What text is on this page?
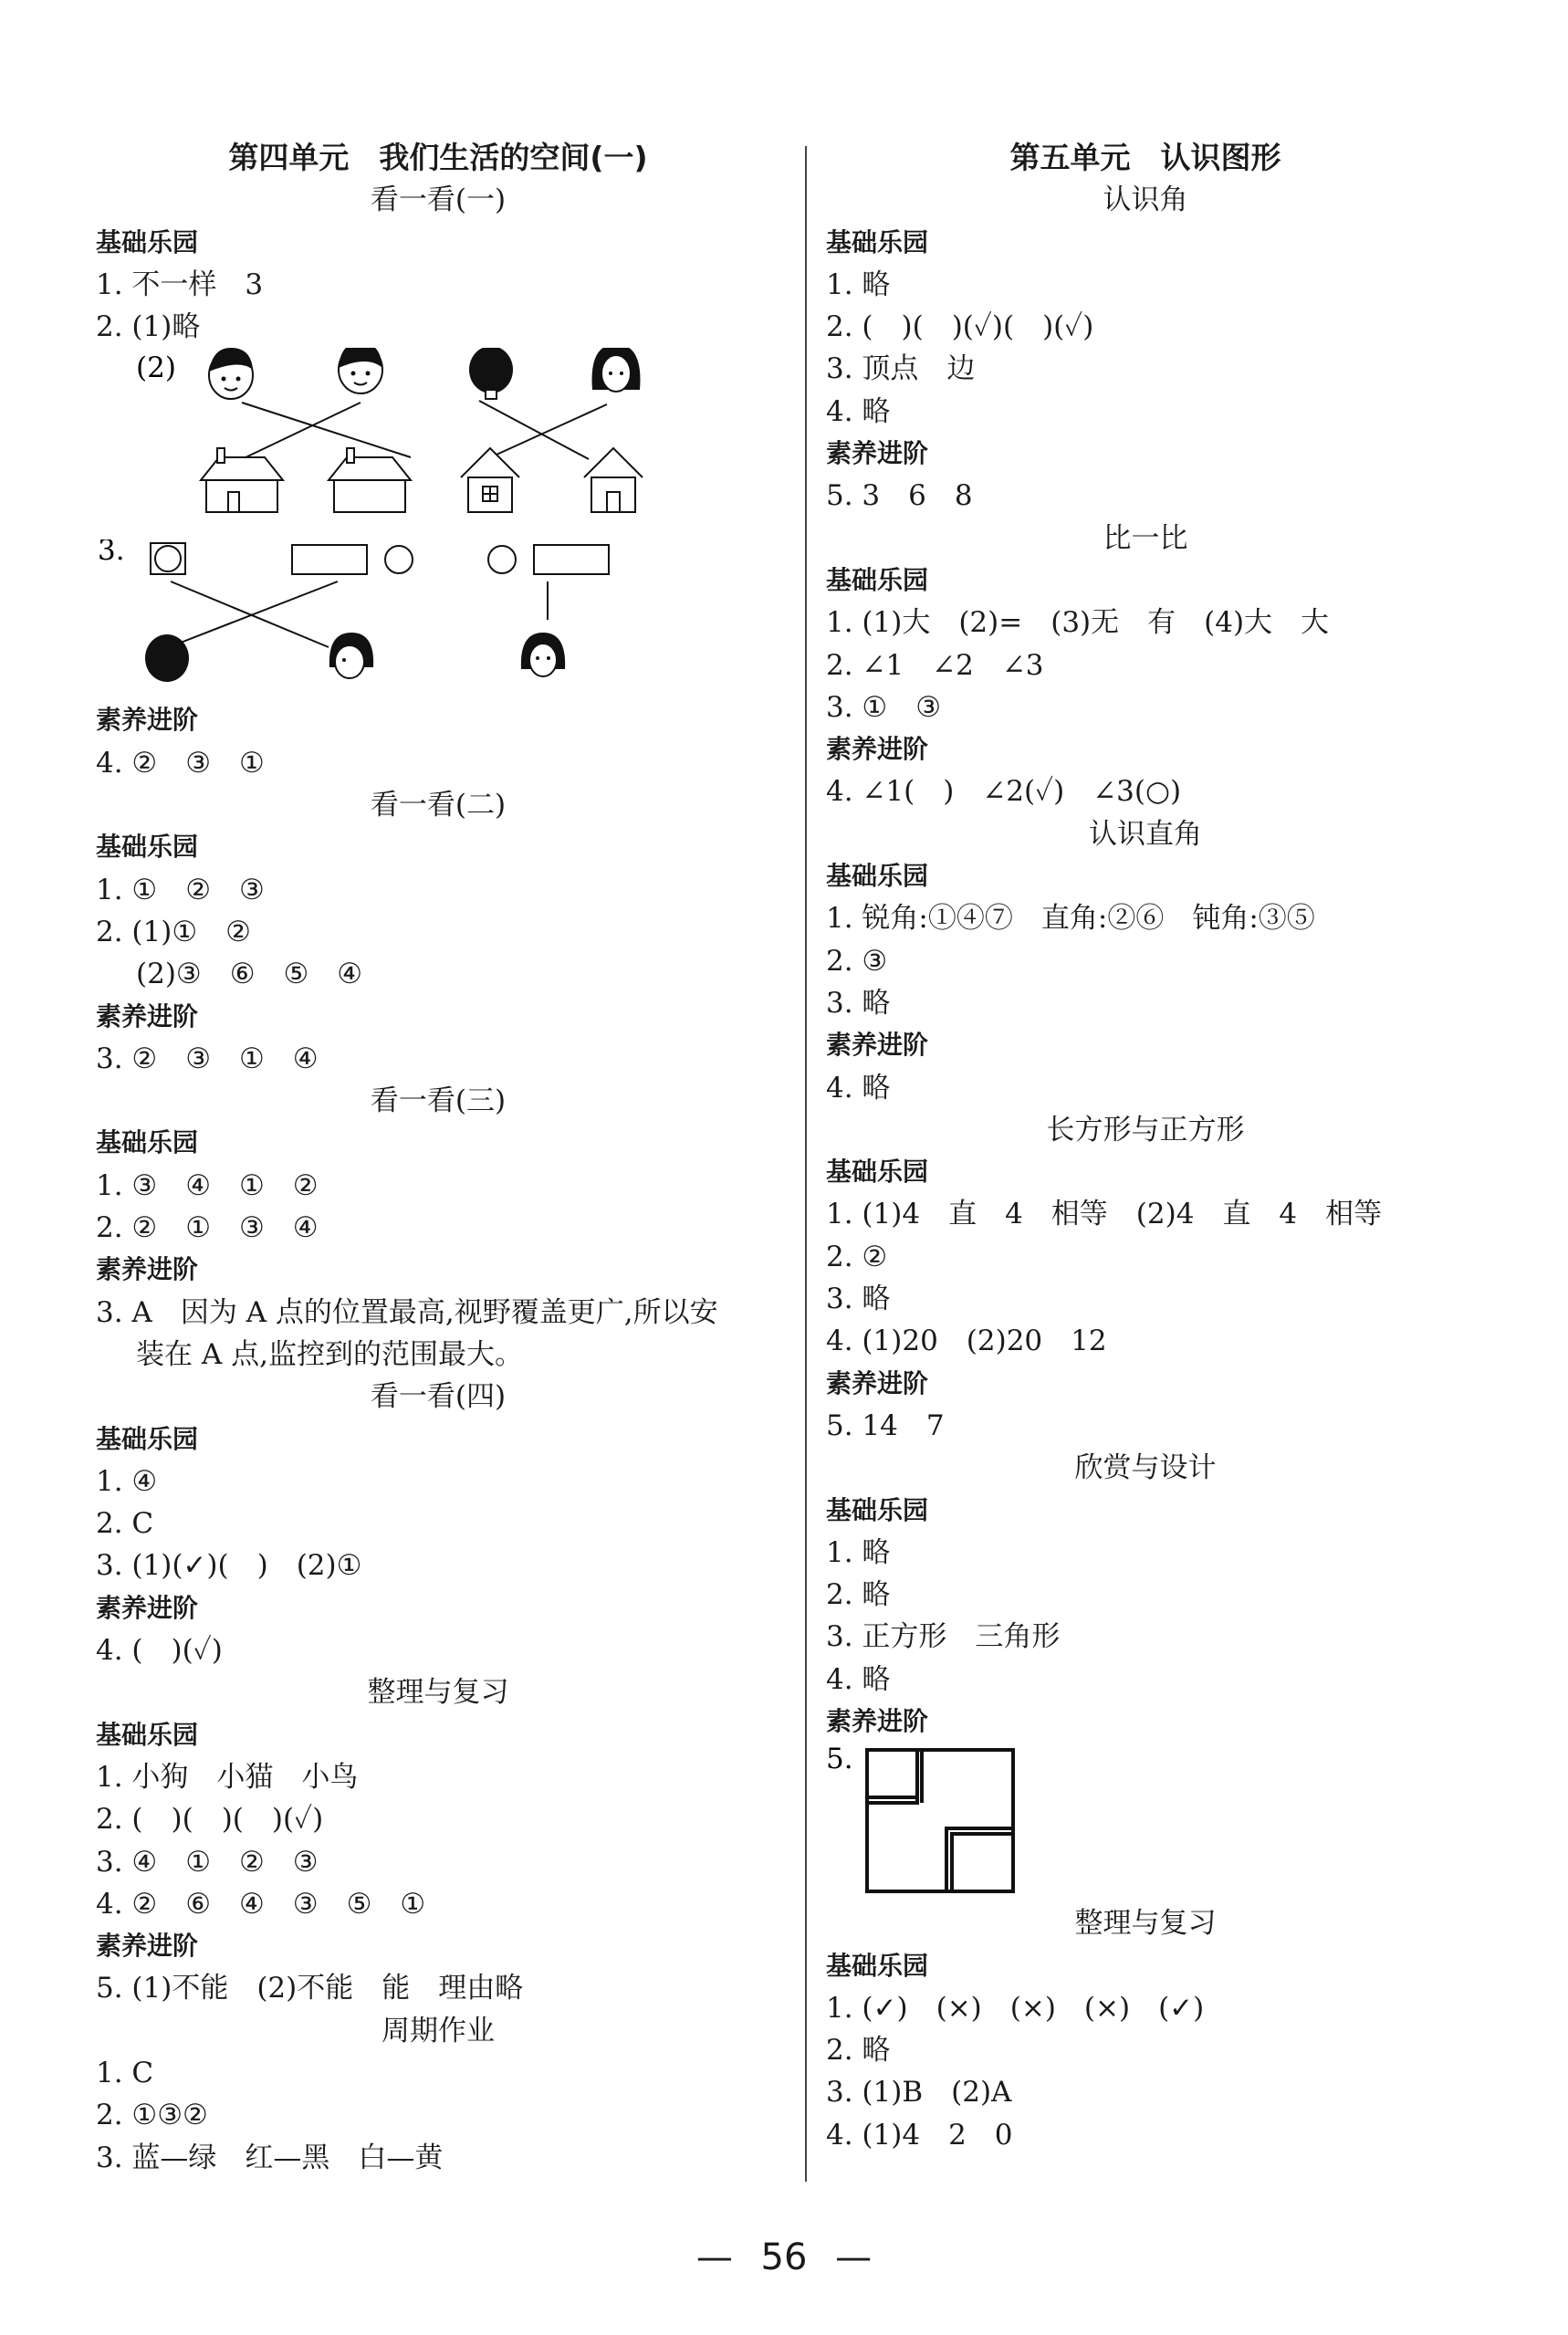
第四单元　我们生活的空间(一)
看一看(一)
基础乐园
1. 不一样　3
2. (1)略
(2)
3.
素养进阶
4. ②　③　①
看一看(二)
基础乐园
1. ①　②　③
2. (1)①　②
(2)③　⑥　⑤　④
素养进阶
3. ②　③　①　④
看一看(三)
基础乐园
1. ③　④　①　②
2. ②　①　③　④
素养进阶
3. A　因为 A 点的位置最高,视野覆盖更广,所以安
装在 A 点,监控到的范围最大。
看一看(四)
基础乐园
1. ④
2. C
3. (1)(✓)(　)　(2)①
素养进阶
4. (　)(✓)
整理与复习
基础乐园
1. 小狗　小猫　小鸟
2. (　)(　)(　)(✓)
3. ④　①　②　③
4. ②　⑥　④　③　⑤　①
素养进阶
5. (1)不能　(2)不能　能　理由略
周期作业
1. C
2. ①③②
3. 蓝—绿　红—黑　白—黄
第五单元　认识图形
认识角
基础乐园
1. 略
2. (　)(　)(✓)(　)(✓)
3. 顶点　边
4. 略
素养进阶
5. 3　6　8
比一比
基础乐园
1. (1)大　(2)=　(3)无　有　(4)大　大
2. ∠1　∠2　∠3
3. ①　③
素养进阶
4. ∠1(　)　∠2(✓)　∠3(○)
认识直角
基础乐园
1. 锐角:①④⑦　直角:②⑥　钝角:③⑤
2. ③
3. 略
素养进阶
4. 略
长方形与正方形
基础乐园
1. (1)4　直　4　相等　(2)4　直　4　相等
2. ②
3. 略
4. (1)20　(2)20　12
素养进阶
5. 14　7
欣赏与设计
基础乐园
1. 略
2. 略
3. 正方形　三角形
4. 略
素养进阶
5.
整理与复习
基础乐园
1. (✓)　(×)　(×)　(×)　(✓)
2. 略
3. (1)B　(2)A
4. (1)4　2　0
— 56 —
